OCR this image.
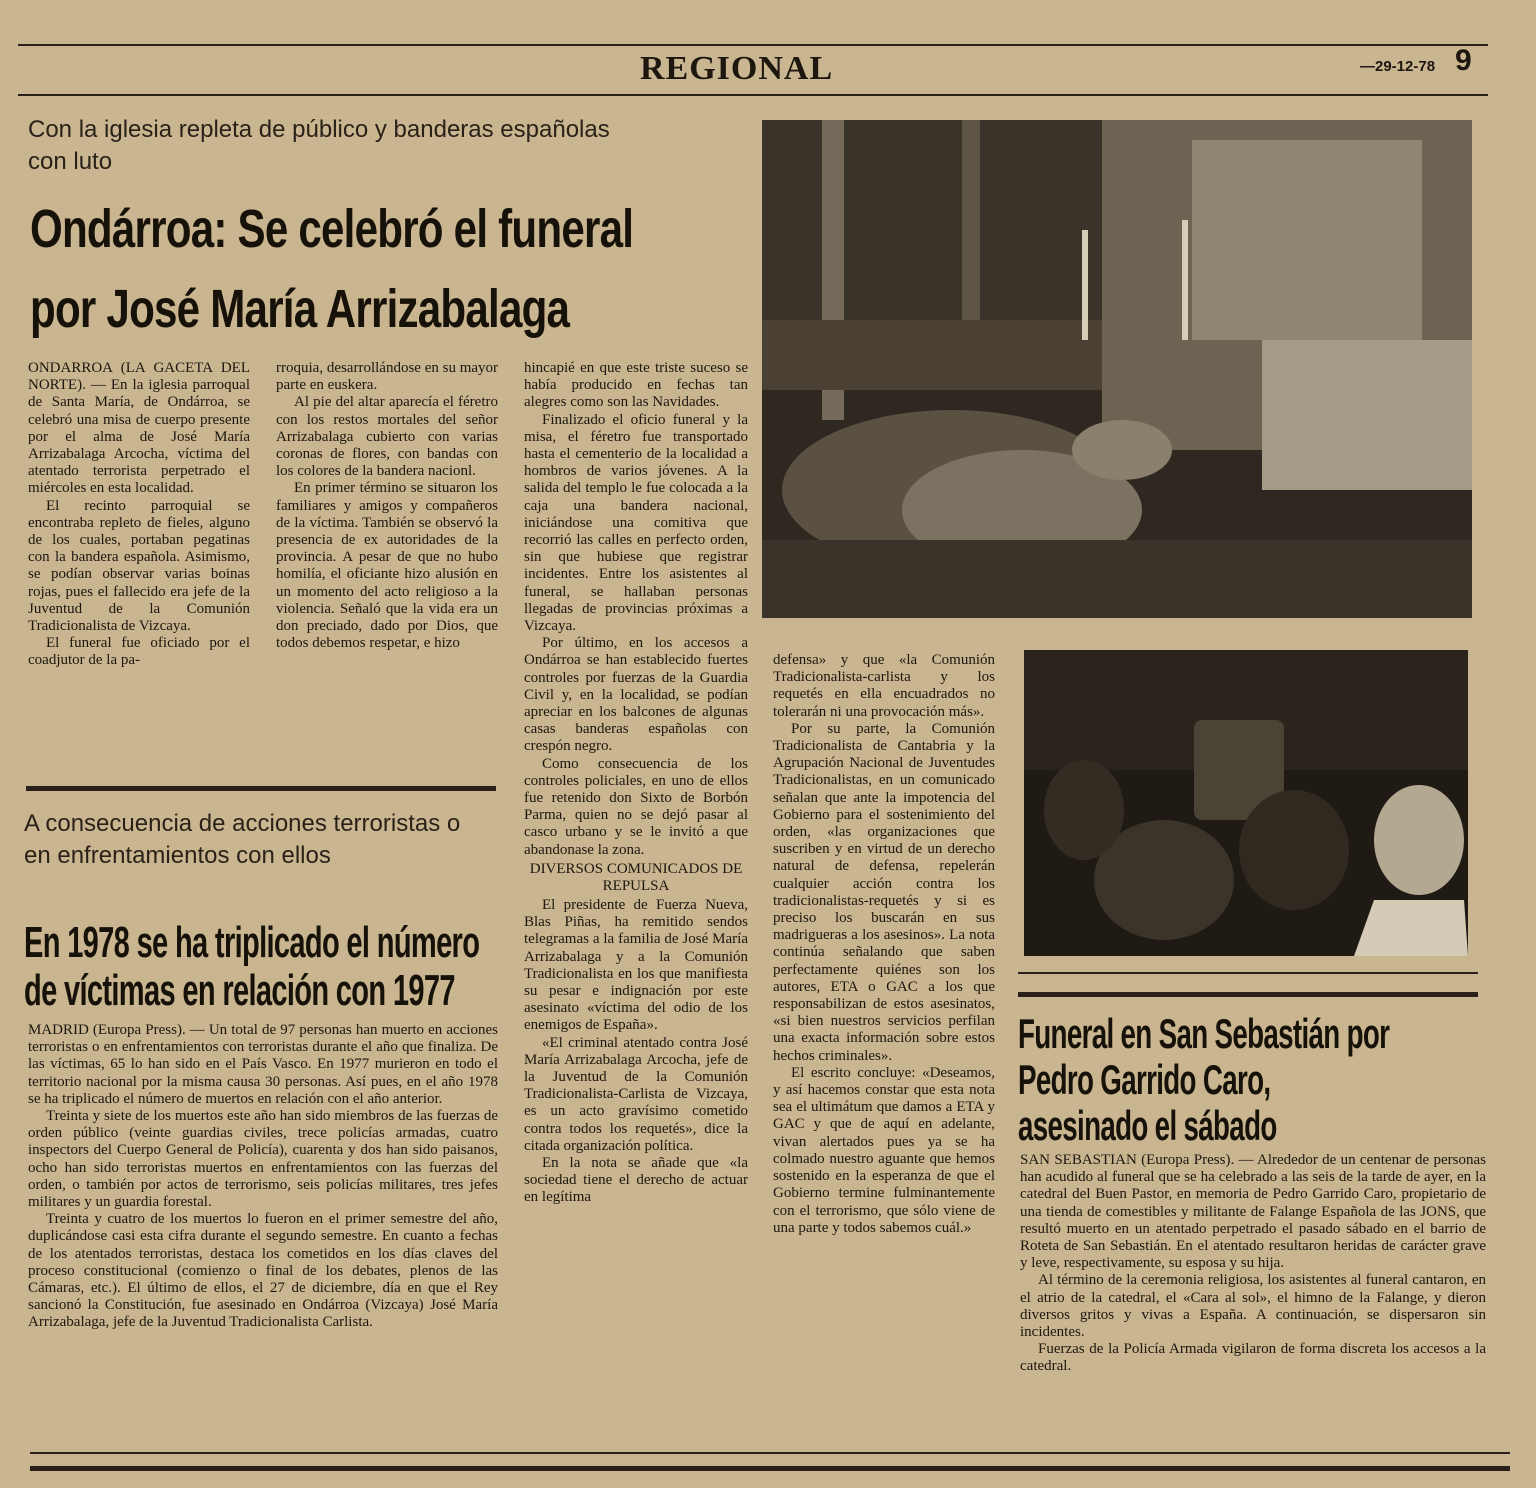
REGIONAL	—29-12-78 9
Con la iglesia repleta de público y banderas españolas con luto
Ondárroa: Se celebró el funeral
por José María Arrizabalaga

ONDARROA (LA GACETA DEL NORTE). — En la iglesia parroqual de Santa María, de Ondárroa, se celebró una misa de cuerpo presente por el alma de José María Arrizabalaga Arcocha, víctima del atentado terrorista perpetrado el miércoles en esta localidad.

El recinto parroquial se encontraba repleto de fieles, alguno de los cuales, portaban pegatinas con la bandera española. Asimismo, se podían observar varias boinas rojas, pues el fallecido era jefe de la Juventud de la Comunión Tradicionalista de Vizcaya.

El funeral fue oficiado por el coadjutor de la pa-

rroquia, desarrollándose en su mayor parte en euskera.

Al pie del altar aparecía el féretro con los restos mortales del señor Arrizabalaga cubierto con varias coronas de flores, con bandas con los colores de la bandera nacionl.

En primer término se situaron los familiares y amigos y compañeros de la víctima. También se observó la presencia de ex autoridades de la provincia. A pesar de que no hubo homilía, el oficiante hizo alusión en un momento del acto religioso a la violencia. Señaló que la vida era un don preciado, dado por Dios, que todos debemos respetar, e hizo

hincapié en que este triste suceso se había producido en fechas tan alegres como son las Navidades.

Finalizado el oficio funeral y la misa, el féretro fue transportado hasta el cementerio de la localidad a hombros de varios jóvenes. A la salida del templo le fue colocada a la caja una bandera nacional, iniciándose una comitiva que recorrió las calles en perfecto orden, sin que hubiese que registrar incidentes. Entre los asistentes al funeral, se hallaban personas llegadas de provincias próximas a Vizcaya.

Por último, en los accesos a Ondárroa se han establecido fuertes controles por fuerzas de la Guardia Civil y, en la localidad, se podían apreciar en los balcones de algunas casas banderas españolas con crespón negro.

Como consecuencia de los controles policiales, en uno de ellos fue retenido don Sixto de Borbón Parma, quien no se dejó pasar al casco urbano y se le invitó a que abandonase la zona.

DIVERSOS COMUNICADOS DE REPULSA

El presidente de Fuerza Nueva, Blas Piñas, ha remitido sendos telegramas a la familia de José María Arrizabalaga y a la Comunión Tradicionalista en los que manifiesta su pesar e indignación por este asesinato «víctima del odio de los enemigos de España».

«El criminal atentado contra José María Arrizabalaga Arcocha, jefe de la Juventud de la Comunión Tradicionalista-Carlista de Vizcaya, es un acto gravísimo cometido contra todos los requetés», dice la citada organización política.

En la nota se añade que «la sociedad tiene el derecho de actuar en legítima

defensa» y que «la Comunión Tradicionalista-carlista y los requetés en ella encuadrados no tolerarán ni una provocación más».

Por su parte, la Comunión Tradicionalista de Cantabria y la Agrupación Nacional de Juventudes Tradicionalistas, en un comunicado señalan que ante la impotencia del Gobierno para el sostenimiento del orden, «las organizaciones que suscriben y en virtud de un derecho natural de defensa, repelerán cualquier acción contra los tradicionalistas-requetés y si es preciso los buscarán en sus madrigueras a los asesinos». La nota continúa señalando que saben perfectamente quiénes son los autores, ETA o GAC a los que responsabilizan de estos asesinatos, «si bien nuestros servicios perfilan una exacta información sobre estos hechos criminales».

El escrito concluye: «Deseamos, y así hacemos constar que esta nota sea el ultimátum que damos a ETA y GAC y que de aquí en adelante, vivan alertados pues ya se ha colmado nuestro aguante que hemos sostenido en la esperanza de que el Gobierno termine fulminantemente con el terrorismo, que sólo viene de una parte y todos sabemos cuál.»

A consecuencia de acciones terroristas o en enfrentamientos con ellos
En 1978 se ha triplicado el número
de víctimas en relación con 1977

MADRID (Europa Press). — Un total de 97 personas han muerto en acciones terroristas o en enfrentamientos con terroristas durante el año que finaliza. De las víctimas, 65 lo han sido en el País Vasco. En 1977 murieron en todo el territorio nacional por la misma causa 30 personas. Así pues, en el año 1978 se ha triplicado el número de muertos en relación con el año anterior.

Treinta y siete de los muertos este año han sido miembros de las fuerzas de orden público (veinte guardias civiles, trece policías armadas, cuatro inspectors del Cuerpo General de Policía), cuarenta y dos han sido paisanos, ocho han sido terroristas muertos en enfrentamientos con las fuerzas del orden, o también por actos de terrorismo, seis policías militares, tres jefes militares y un guardia forestal.

Treinta y cuatro de los muertos lo fueron en el primer semestre del año, duplicándose casi esta cifra durante el segundo semestre. En cuanto a fechas de los atentados terroristas, destaca los cometidos en los días claves del proceso constitucional (comienzo o final de los debates, plenos de las Cámaras, etc.). El último de ellos, el 27 de diciembre, día en que el Rey sancionó la Constitución, fue asesinado en Ondárroa (Vizcaya) José María Arrizabalaga, jefe de la Juventud Tradicionalista Carlista.

Funeral en San Sebastián por
Pedro Garrido Caro,
asesinado el sábado

SAN SEBASTIAN (Europa Press). — Alrededor de un centenar de personas han acudido al funeral que se ha celebrado a las seis de la tarde de ayer, en la catedral del Buen Pastor, en memoria de Pedro Garrido Caro, propietario de una tienda de comestibles y militante de Falange Española de las JONS, que resultó muerto en un atentado perpetrado el pasado sábado en el barrio de Roteta de San Sebastián. En el atentado resultaron heridas de carácter grave y leve, respectivamente, su esposa y su hija.

Al término de la ceremonia religiosa, los asistentes al funeral cantaron, en el atrio de la catedral, el «Cara al sol», el himno de la Falange, y dieron diversos gritos y vivas a España. A continuación, se dispersaron sin incidentes.

Fuerzas de la Policía Armada vigilaron de forma discreta los accesos a la catedral.
